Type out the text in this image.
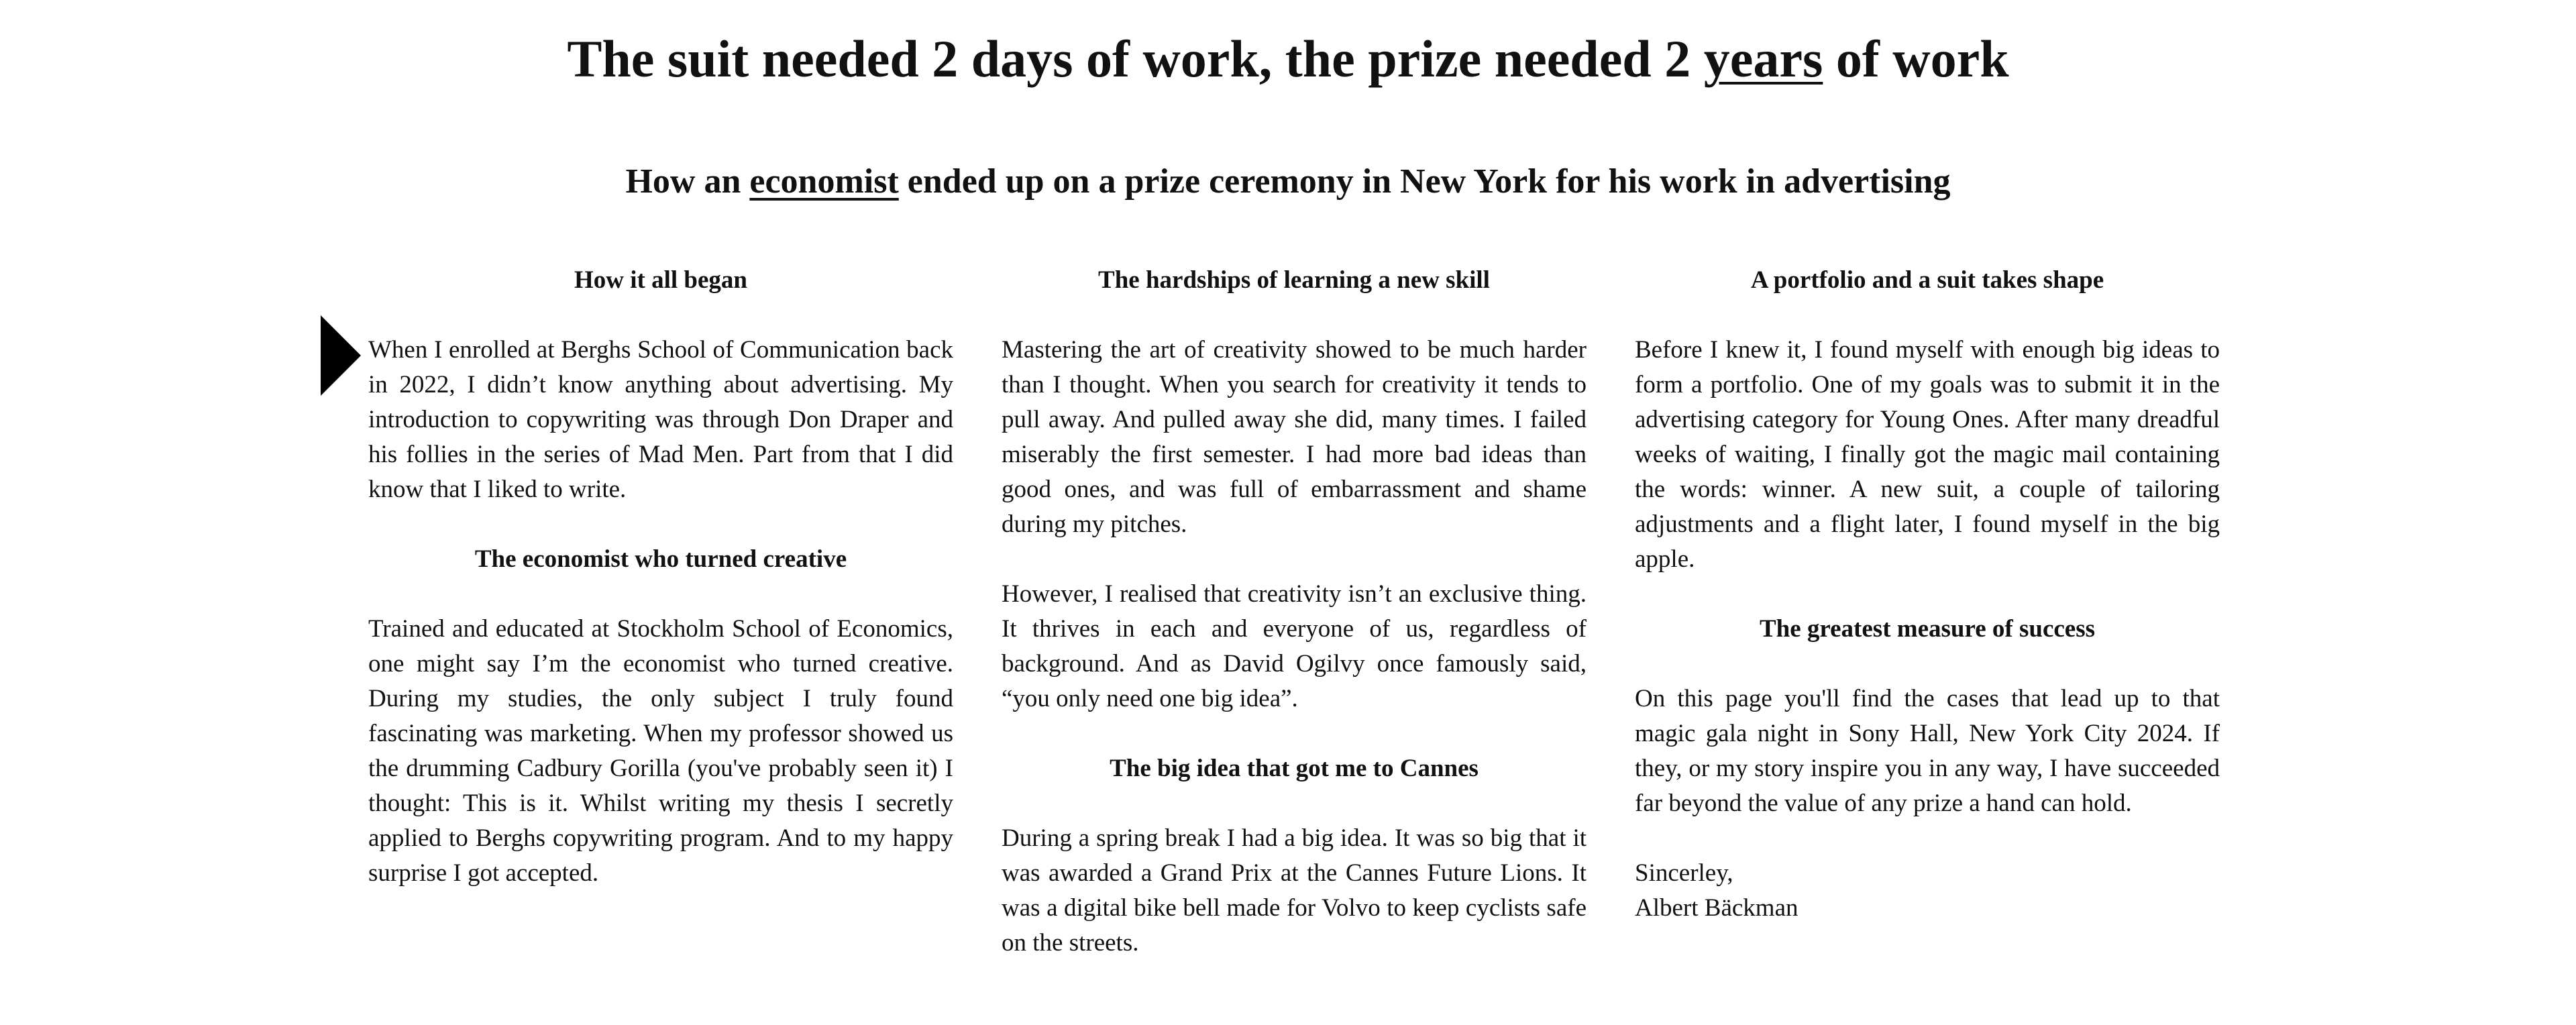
The suit needed 2 days of work, the prize needed 2 years of work
How an economist ended up on a prize ceremony in New York for his work in advertising
How it all began

When I enrolled at Berghs School of Communication back in 2022, I didn’t know anything about advertising. My introduction to copywriting was through Don Draper and his follies in the series of Mad Men. Part from that I did know that I liked to write.

The economist who turned creative

Trained and educated at Stockholm School of Economics, one might say I’m the economist who turned creative. During my studies, the only subject I truly found fascinating was marketing. When my professor showed us the drumming Cadbury Gorilla (you've probably seen it) I thought: This is it. Whilst writing my thesis I secretly applied to Berghs copywriting program. And to my happy surprise I got accepted.

The hardships of learning a new skill

Mastering the art of creativity showed to be much harder than I thought. When you search for creativity it tends to pull away. And pulled away she did, many times. I failed miserably the first semester. I had more bad ideas than good ones, and was full of embarrassment and shame during my pitches.

However, I realised that creativity isn’t an exclusive thing. It thrives in each and everyone of us, regardless of background. And as David Ogilvy once famously said, “you only need one big idea”.

The big idea that got me to Cannes

During a spring break I had a big idea. It was so big that it was awarded a Grand Prix at the Cannes Future Lions. It was a digital bike bell made for Volvo to keep cyclists safe on the streets.

A portfolio and a suit takes shape

Before I knew it, I found myself with enough big ideas to form a portfolio. One of my goals was to submit it in the advertising category for Young Ones. After many dreadful weeks of waiting, I finally got the magic mail containing the words: winner. A new suit, a couple of tailoring adjustments and a flight later, I found myself in the big apple.

The greatest measure of success

On this page you'll find the cases that lead up to that magic gala night in Sony Hall, New York City 2024. If they, or my story inspire you in any way, I have succeeded far beyond the value of any prize a hand can hold.

Sincerley,

Albert Bäckman
